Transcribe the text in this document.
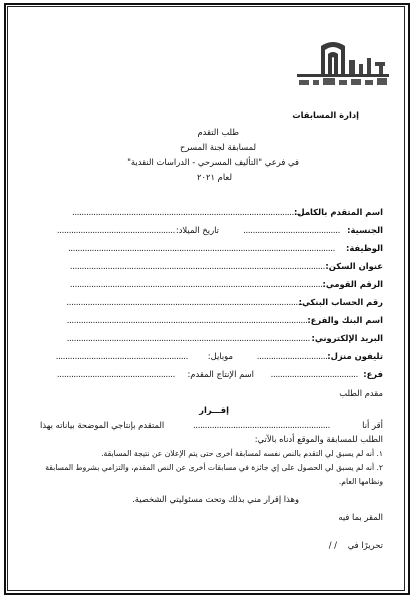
إدارة المسابقات
طلب التقدم
لمسابقة لجنة المسرح
في فرعي "التأليف المسرحي - الدراسات النقدية"
لعام ٢٠٢١
اسم المتقدم بالكامل:
.........................................................................................................
الجنسية:
.........................................
تاريخ الميلاد:
..................................................
الوظيفة:
.................................................................................................................
عنوان السكن:
............................................................................................................
الرقم القومي:
............................................................................................................
رقم الحساب البنكي:
.....................................................................................................
اسم البنك والفرع:
.......................................................................................................
البريد الإلكتروني:
.......................................................................................................
تليفون منزل:
...............................
موبايل:
........................................................
فرع:
.....................................
اسم الإنتاج المقدم:
..................................................
مقدم الطلب
إقـــرار
أقر أنا
..........................................................
المتقدم بإنتاجي الموضحة بياناته بهذا
الطلب للمسابقة والموقع أدناه بالآتي:
١. أنه لم يسبق لي التقدم بالنص نفسه لمسابقة أخرى حتى يتم الإعلان عن نتيجة المسابقة.
٢. أنه لم يسبق لي الحصول على إي جائزة في مسابقات أخرى عن النص المقدم، والتزامي بشروط المسابقة
ونظامها العام.
وهذا إقرار مني بذلك وتحت مسئوليتي الشخصية.
المقر بما فيه
تحريرًا في
/ /
